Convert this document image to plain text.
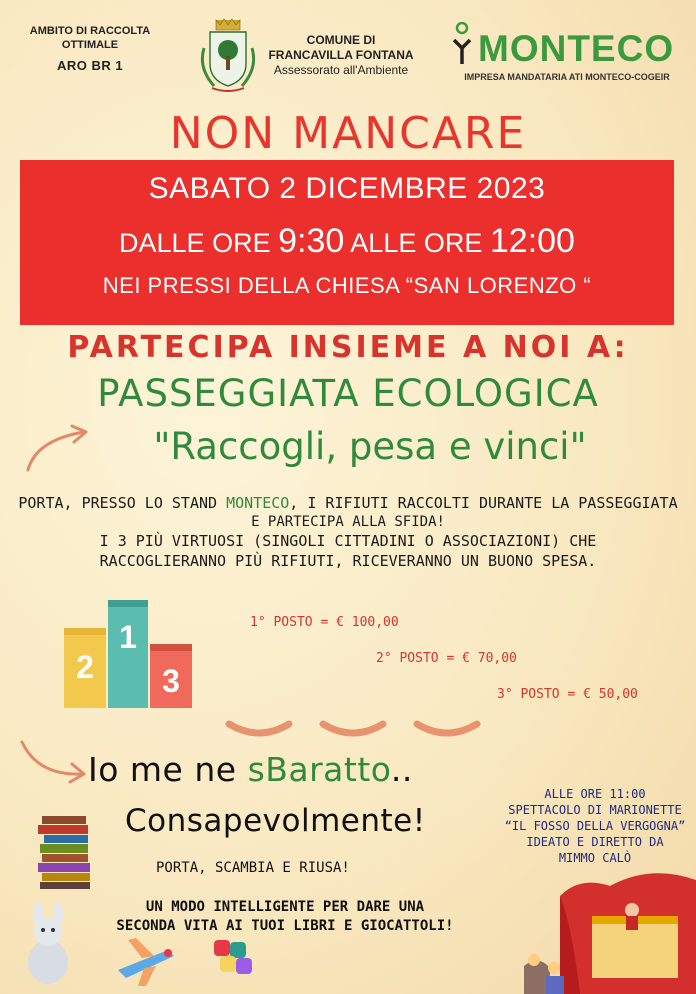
AMBITO DI RACCOLTA
OTTIMALE
ARO BR 1
COMUNE DI
FRANCAVILLA FONTANA
Assessorato all'Ambiente
MONTECO
IMPRESA MANDATARIA ATI MONTECO-COGEIR
NON MANCARE
SABATO 2 DICEMBRE 2023
DALLE ORE 9:30 ALLE ORE 12:00
NEI PRESSI DELLA CHIESA “SAN LORENZO “
PARTECIPA INSIEME A NOI A:
PASSEGGIATA ECOLOGICA
"Raccogli, pesa e vinci"
PORTA, PRESSO LO STAND MONTECO, I RIFIUTI RACCOLTI DURANTE LA PASSEGGIATA
E PARTECIPA ALLA SFIDA!
I 3 PIÙ VIRTUOSI (SINGOLI CITTADINI O ASSOCIAZIONI) CHE
RACCOGLIERANNO PIÙ RIFIUTI, RICEVERANNO UN BUONO SPESA.
2
1
3
1° POSTO = € 100,00
2° POSTO = € 70,00
3° POSTO = € 50,00
Io me ne sBaratto..
Consapevolmente!
PORTA, SCAMBIA E RIUSA!
UN MODO INTELLIGENTE PER DARE UNA
SECONDA VITA AI TUOI LIBRI E GIOCATTOLI!
ALLE ORE 11:00
SPETTACOLO DI MARIONETTE
“IL FOSSO DELLA VERGOGNA”
IDEATO E DIRETTO DA
MIMMO CALÒ
